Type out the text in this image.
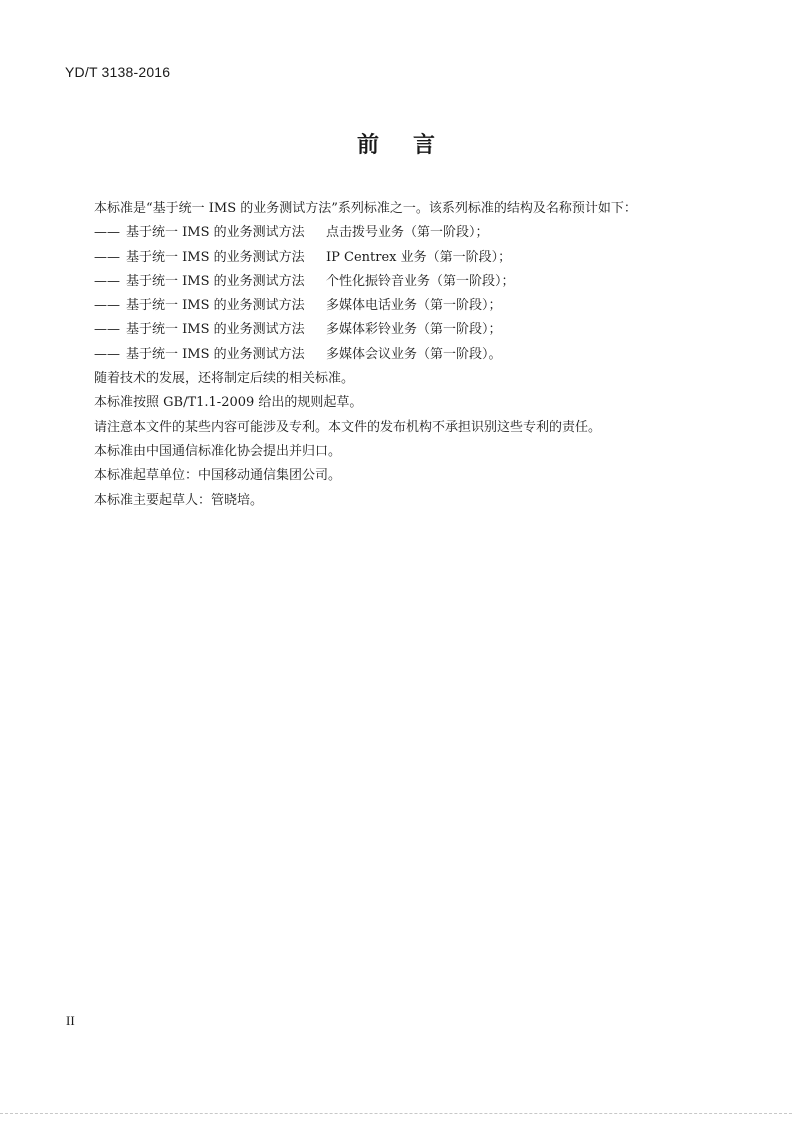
YD/T 3138-2016
前言
本标准是“基于统一 IMS 的业务测试方法”系列标准之一。该系列标准的结构及名称预计如下：
—— 基于统一 IMS 的业务测试方法 点击拨号业务（第一阶段）；
—— 基于统一 IMS 的业务测试方法 IP Centrex 业务（第一阶段）；
—— 基于统一 IMS 的业务测试方法 个性化振铃音业务（第一阶段）；
—— 基于统一 IMS 的业务测试方法 多媒体电话业务（第一阶段）；
—— 基于统一 IMS 的业务测试方法 多媒体彩铃业务（第一阶段）；
—— 基于统一 IMS 的业务测试方法 多媒体会议业务（第一阶段）。
随着技术的发展，还将制定后续的相关标准。
本标准按照 GB/T1.1-2009 给出的规则起草。
请注意本文件的某些内容可能涉及专利。本文件的发布机构不承担识别这些专利的责任。
本标准由中国通信标准化协会提出并归口。
本标准起草单位：中国移动通信集团公司。
本标准主要起草人：管晓培。
II
